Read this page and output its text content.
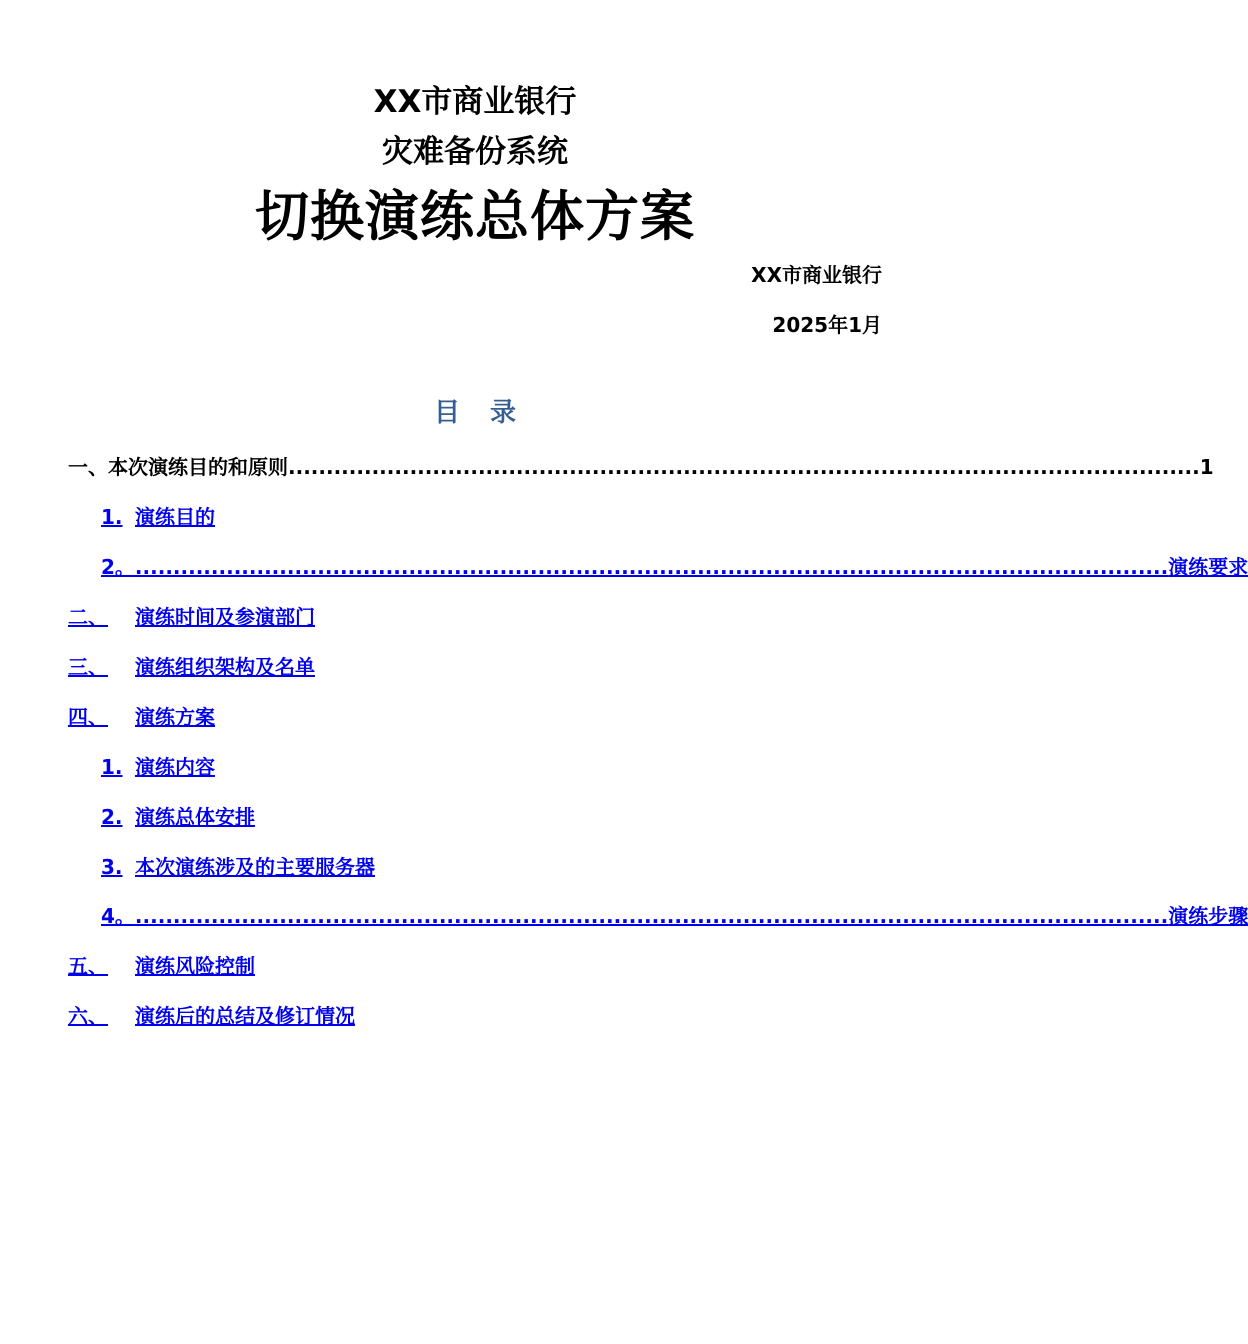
XX市商业银行
灾难备份系统
切换演练总体方案
XX市商业银行
2025年1月
目录
一、 本次演练目的和原则 ........................................................................................................................ 1
1. 演练目的
2。 ........................................................................................................................................ 演练要求
二、	演练时间及参演部门
三、	演练组织架构及名单
四、	演练方案
1. 演练内容
2. 演练总体安排
3. 本次演练涉及的主要服务器
4。 ........................................................................................................................................ 演练步骤
五、	演练风险控制
六、	演练后的总结及修订情况
